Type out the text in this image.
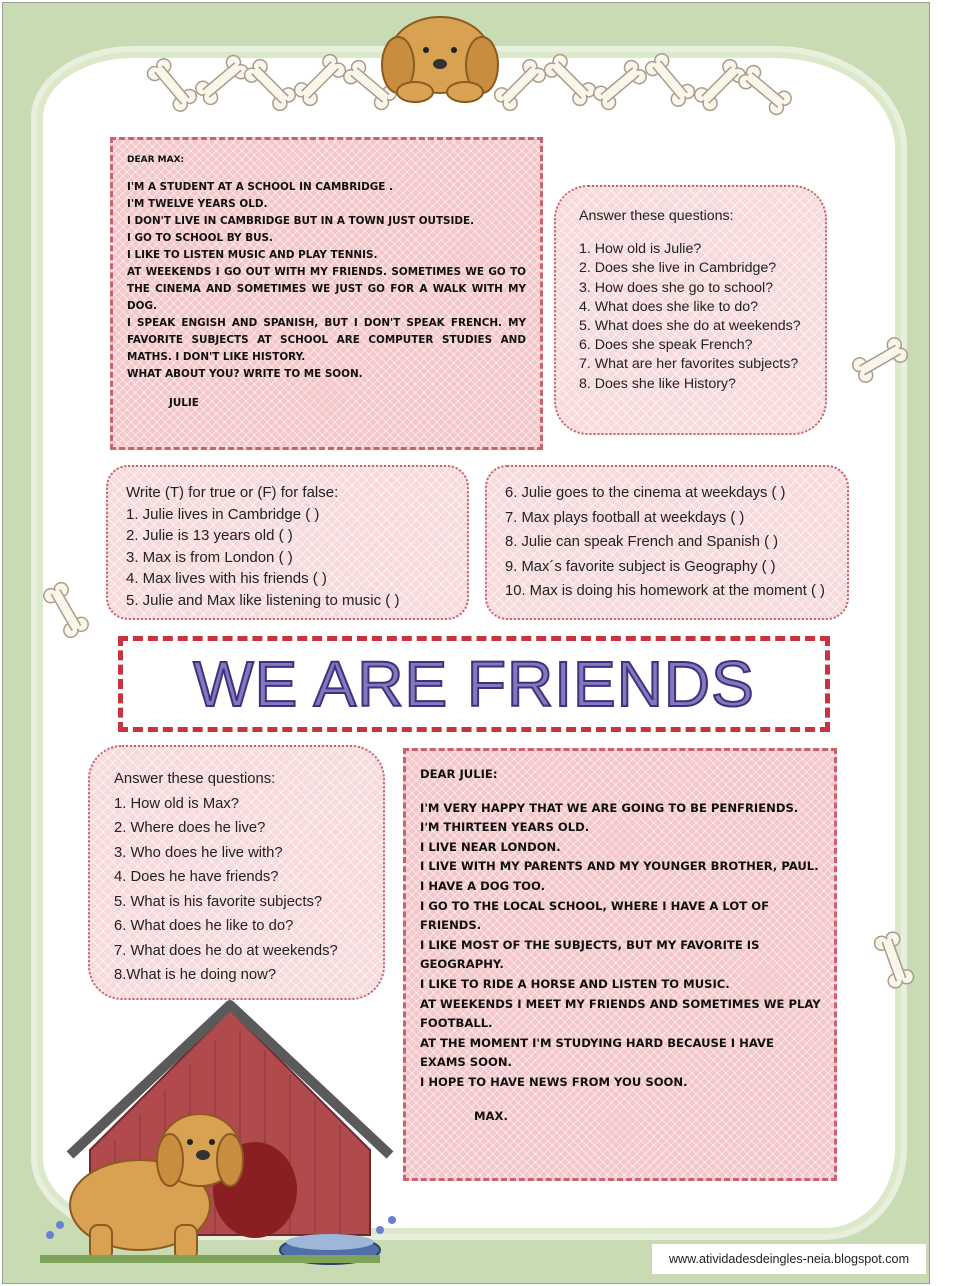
DEAR MAX:
I'M A STUDENT AT A SCHOOL IN CAMBRIDGE .
I'M TWELVE YEARS OLD.
I DON'T LIVE IN CAMBRIDGE BUT IN A TOWN JUST OUTSIDE.
I GO TO SCHOOL BY BUS.
I LIKE TO LISTEN MUSIC AND PLAY TENNIS.
AT WEEKENDS I GO OUT WITH MY FRIENDS. SOMETIMES WE GO TO THE CINEMA AND SOMETIMES WE JUST GO FOR A WALK WITH MY DOG.
I SPEAK ENGISH AND SPANISH, BUT I DON'T SPEAK FRENCH. MY FAVORITE SUBJECTS AT SCHOOL ARE COMPUTER STUDIES AND MATHS. I DON'T LIKE HISTORY.
WHAT ABOUT YOU? WRITE TO ME SOON.
JULIE
Answer these questions:
1. How old is Julie?
2. Does she live in Cambridge?
3. How does she go to school?
4. What does she like to do?
5. What does she do at weekends?
6. Does she speak French?
7. What are her favorites subjects?
8. Does she like History?
Write (T) for true or (F) for false:
1. Julie lives in Cambridge ( )
2. Julie is 13 years old ( )
3. Max is from London ( )
4. Max lives with his friends ( )
5. Julie and Max like listening to music ( )
6. Julie goes to the cinema at weekdays ( )
7. Max plays football at weekdays ( )
8. Julie can speak French and Spanish ( )
9. Max´s favorite subject is Geography ( )
10. Max is doing his homework at the moment ( )
WE ARE FRIENDS
Answer these questions:
1. How old is Max?
2. Where does he live?
3. Who does he live with?
4. Does he have friends?
5. What is his favorite subjects?
6. What does he like to do?
7. What does he do at weekends?
8.What is he doing now?
DEAR JULIE:
I'M VERY HAPPY THAT WE ARE GOING TO BE PENFRIENDS.
I'M THIRTEEN YEARS OLD.
I LIVE NEAR LONDON.
I LIVE WITH MY PARENTS AND MY YOUNGER BROTHER, PAUL. I HAVE A DOG TOO.
I GO TO THE LOCAL SCHOOL, WHERE I HAVE A LOT OF FRIENDS.
I LIKE MOST OF THE SUBJECTS, BUT MY FAVORITE IS GEOGRAPHY.
I LIKE TO RIDE A HORSE AND LISTEN TO MUSIC.
AT WEEKENDS I MEET MY FRIENDS AND SOMETIMES WE PLAY FOOTBALL.
AT THE MOMENT I'M STUDYING HARD BECAUSE I HAVE EXAMS SOON.
I HOPE TO HAVE NEWS FROM YOU SOON.
MAX.
www.atividadesdeingles-neia.blogspot.com
